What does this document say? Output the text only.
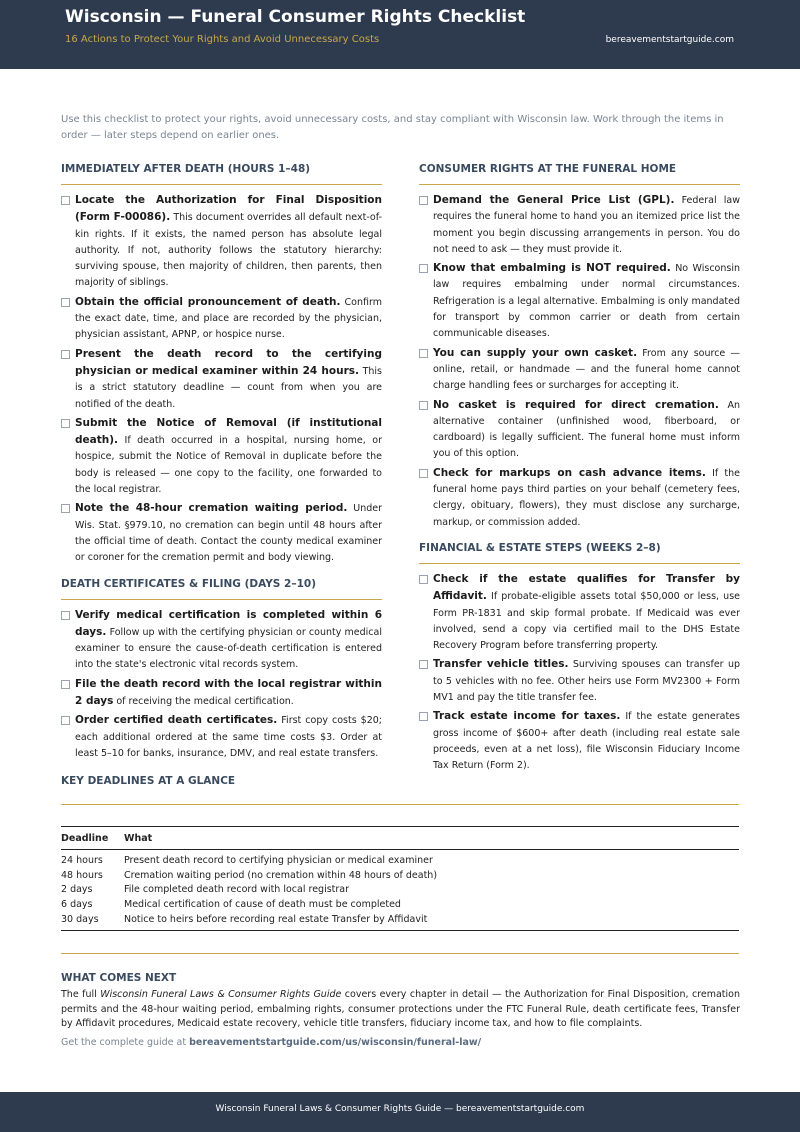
Wisconsin — Funeral Consumer Rights Checklist
16 Actions to Protect Your Rights and Avoid Unnecessary Costs	bereavementstartguide.com
Use this checklist to protect your rights, avoid unnecessary costs, and stay compliant with Wisconsin law. Work through the items in order — later steps depend on earlier ones.
IMMEDIATELY AFTER DEATH (HOURS 1–48)
Locate the Authorization for Final Disposition (Form F-00086). This document overrides all default next-of-kin rights. If it exists, the named person has absolute legal authority. If not, authority follows the statutory hierarchy: surviving spouse, then majority of children, then parents, then majority of siblings.
Obtain the official pronouncement of death. Confirm the exact date, time, and place are recorded by the physician, physician assistant, APNP, or hospice nurse.
Present the death record to the certifying physician or medical examiner within 24 hours. This is a strict statutory deadline — count from when you are notified of the death.
Submit the Notice of Removal (if institutional death). If death occurred in a hospital, nursing home, or hospice, submit the Notice of Removal in duplicate before the body is released — one copy to the facility, one forwarded to the local registrar.
Note the 48-hour cremation waiting period. Under Wis. Stat. §979.10, no cremation can begin until 48 hours after the official time of death. Contact the county medical examiner or coroner for the cremation permit and body viewing.
DEATH CERTIFICATES & FILING (DAYS 2–10)
Verify medical certification is completed within 6 days. Follow up with the certifying physician or county medical examiner to ensure the cause-of-death certification is entered into the state's electronic vital records system.
File the death record with the local registrar within 2 days of receiving the medical certification.
Order certified death certificates. First copy costs $20; each additional ordered at the same time costs $3. Order at least 5–10 for banks, insurance, DMV, and real estate transfers.
CONSUMER RIGHTS AT THE FUNERAL HOME
Demand the General Price List (GPL). Federal law requires the funeral home to hand you an itemized price list the moment you begin discussing arrangements in person. You do not need to ask — they must provide it.
Know that embalming is NOT required. No Wisconsin law requires embalming under normal circumstances. Refrigeration is a legal alternative. Embalming is only mandated for transport by common carrier or death from certain communicable diseases.
You can supply your own casket. From any source — online, retail, or handmade — and the funeral home cannot charge handling fees or surcharges for accepting it.
No casket is required for direct cremation. An alternative container (unfinished wood, fiberboard, or cardboard) is legally sufficient. The funeral home must inform you of this option.
Check for markups on cash advance items. If the funeral home pays third parties on your behalf (cemetery fees, clergy, obituary, flowers), they must disclose any surcharge, markup, or commission added.
FINANCIAL & ESTATE STEPS (WEEKS 2–8)
Check if the estate qualifies for Transfer by Affidavit. If probate-eligible assets total $50,000 or less, use Form PR-1831 and skip formal probate. If Medicaid was ever involved, send a copy via certified mail to the DHS Estate Recovery Program before transferring property.
Transfer vehicle titles. Surviving spouses can transfer up to 5 vehicles with no fee. Other heirs use Form MV2300 + Form MV1 and pay the title transfer fee.
Track estate income for taxes. If the estate generates gross income of $600+ after death (including real estate sale proceeds, even at a net loss), file Wisconsin Fiduciary Income Tax Return (Form 2).
KEY DEADLINES AT A GLANCE
Deadline	What
24 hours	Present death record to certifying physician or medical examiner
48 hours	Cremation waiting period (no cremation within 48 hours of death)
2 days	File completed death record with local registrar
6 days	Medical certification of cause of death must be completed
30 days	Notice to heirs before recording real estate Transfer by Affidavit
WHAT COMES NEXT
The full Wisconsin Funeral Laws & Consumer Rights Guide covers every chapter in detail — the Authorization for Final Disposition, cremation permits and the 48-hour waiting period, embalming rights, consumer protections under the FTC Funeral Rule, death certificate fees, Transfer by Affidavit procedures, Medicaid estate recovery, vehicle title transfers, fiduciary income tax, and how to file complaints.
Get the complete guide at bereavementstartguide.com/us/wisconsin/funeral-law/
Wisconsin Funeral Laws & Consumer Rights Guide — bereavementstartguide.com
